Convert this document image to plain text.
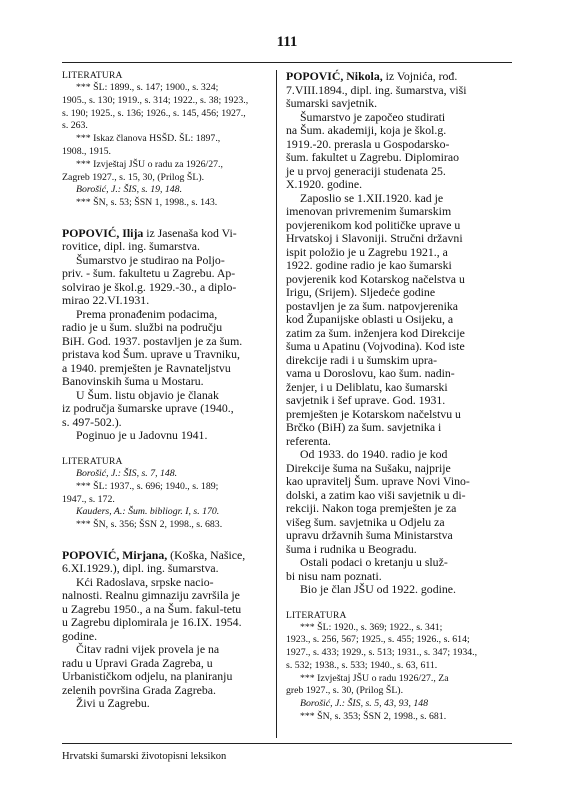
111
LITERATURA

*** ŠL: 1899., s. 147; 1900., s. 324;

1905., s. 130; 1919., s. 314; 1922., s. 38; 1923.,

s. 190; 1925., s. 136; 1926., s. 145, 456; 1927.,

s. 263.

*** Iskaz članova HSŠD. ŠL: 1897.,

1908., 1915.

*** Izvještaj JŠU o radu za 1926/27.,

Zagreb 1927., s. 15, 30, (Prilog ŠL).

Borošić, J.: ŠIS, s. 19, 148.

*** ŠN, s. 53; ŠSN 1, 1998., s. 143.

POPOVIĆ, Ilija iz Jasenaša kod Vi-

rovitice, dipl. ing. šumarstva.

Šumarstvo je studirao na Poljo-

priv. - šum. fakultetu u Zagrebu. Ap-

solvirao je škol.g. 1929.-30., a diplo-

mirao 22.VI.1931.

Prema pronađenim podacima,

radio je u šum. službi na području

BiH. God. 1937. postavljen je za šum.

pristava kod Šum. uprave u Travniku,

a 1940. premješten je Ravnateljstvu

Banovinskih šuma u Mostaru.

U Šum. listu objavio je članak

iz područja šumarske uprave (1940.,

s. 497-502.).

Poginuo je u Jadovnu 1941.

LITERATURA

Borošić, J.: ŠIS, s. 7, 148.

*** ŠL: 1937., s. 696; 1940., s. 189;

1947., s. 172.

Kauders, A.: Šum. bibliogr. I, s. 170.

*** ŠN, s. 356; ŠSN 2, 1998., s. 683.

POPOVIĆ, Mirjana, (Koška, Našice,

6.XI.1929.), dipl. ing. šumarstva.

Kći Radoslava, srpske nacio-

nalnosti. Realnu gimnaziju završila je

u Zagrebu 1950., a na Šum. fakul-tetu

u Zagrebu diplomirala je 16.IX. 1954.

godine.

Čitav radni vijek provela je na

radu u Upravi Grada Zagreba, u

Urbanističkom odjelu, na planiranju

zelenih površina Grada Zagreba.

Živi u Zagrebu.

POPOVIĆ, Nikola, iz Vojnića, rođ.

7.VIII.1894., dipl. ing. šumarstva, viši

šumarski savjetnik.

Šumarstvo je započeo studirati

na Šum. akademiji, koja je škol.g.

1919.-20. prerasla u Gospodarsko-

šum. fakultet u Zagrebu. Diplomirao

je u prvoj generaciji studenata 25.

X.1920. godine.

Zaposlio se 1.XII.1920. kad je

imenovan privremenim šumarskim

povjerenikom kod političke uprave u

Hrvatskoj i Slavoniji. Stručni državni

ispit položio je u Zagrebu 1921., a

1922. godine radio je kao šumarski

povjerenik kod Kotarskog načelstva u

Irigu, (Srijem). Sljedeće godine

postavljen je za šum. natpovjerenika

kod Županijske oblasti u Osijeku, a

zatim za šum. inženjera kod Direkcije

šuma u Apatinu (Vojvodina). Kod iste

direkcije radi i u šumskim upra-

vama u Doroslovu, kao šum. nadin-

ženjer, i u Deliblatu, kao šumarski

savjetnik i šef uprave. God. 1931.

premješten je Kotarskom načelstvu u

Brčko (BiH) za šum. savjetnika i

referenta.

Od 1933. do 1940. radio je kod

Direkcije šuma na Sušaku, najprije

kao upravitelj Šum. uprave Novi Vino-

dolski, a zatim kao viši savjetnik u di-

rekciji. Nakon toga premješten je za

višeg šum. savjetnika u Odjelu za

upravu državnih šuma Ministarstva

šuma i rudnika u Beogradu.

Ostali podaci o kretanju u služ-

bi nisu nam poznati.

Bio je član JŠU od 1922. godine.

LITERATURA

*** ŠL: 1920., s. 369; 1922., s. 341;

1923., s. 256, 567; 1925., s. 455; 1926., s. 614;

1927., s. 433; 1929., s. 513; 1931., s. 347; 1934.,

s. 532; 1938., s. 533; 1940., s. 63, 611.

*** Izvještaj JŠU o radu 1926/27., Za

greb 1927., s. 30, (Prilog ŠL).

Borošić, J.: ŠIS, s. 5, 43, 93, 148

*** ŠN, s. 353; ŠSN 2, 1998., s. 681.

Hrvatski šumarski životopisni leksikon
